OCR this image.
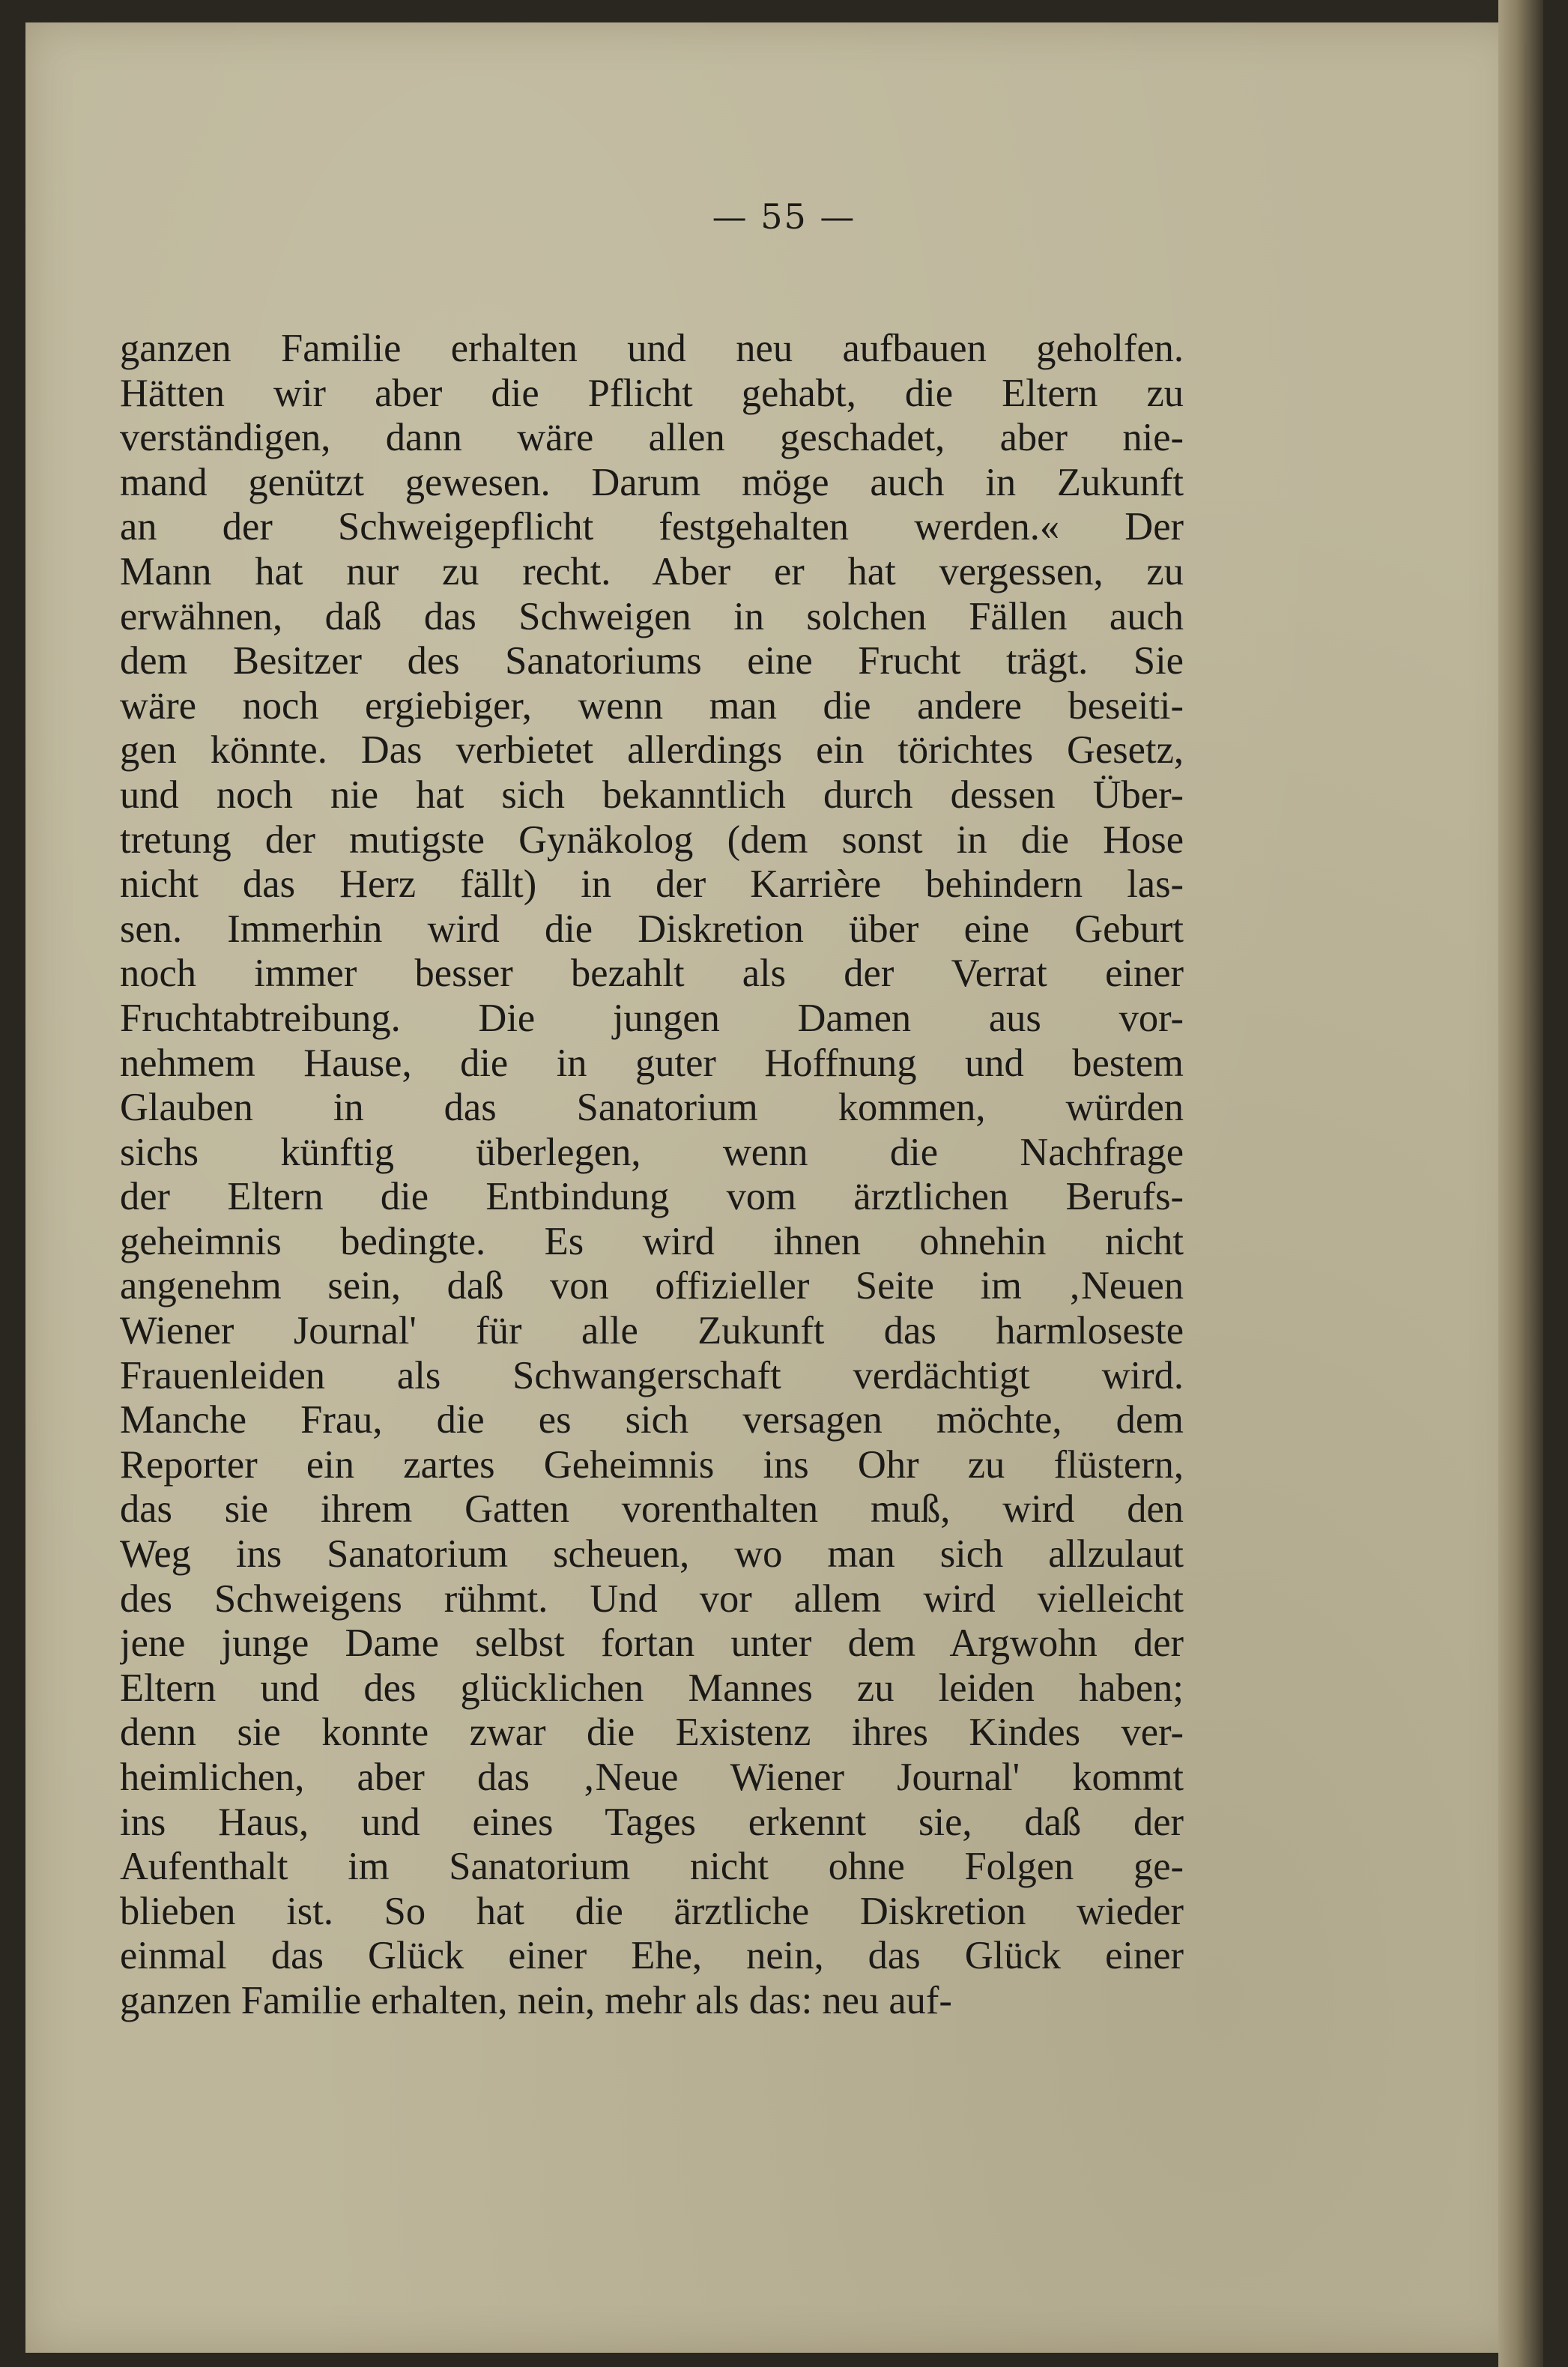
— 55 —
ganzen Familie erhalten und neu aufbauen geholfen.
Hätten wir aber die Pflicht gehabt, die Eltern zu
verständigen, dann wäre allen geschadet, aber nie-
mand genützt gewesen. Darum möge auch in Zukunft
an der Schweigepflicht festgehalten werden.« Der
Mann hat nur zu recht. Aber er hat vergessen, zu
erwähnen, daß das Schweigen in solchen Fällen auch
dem Besitzer des Sanatoriums eine Frucht trägt. Sie
wäre noch ergiebiger, wenn man die andere beseiti-
gen könnte. Das verbietet allerdings ein törichtes Gesetz,
und noch nie hat sich bekanntlich durch dessen Über-
tretung der mutigste Gynäkolog (dem sonst in die Hose
nicht das Herz fällt) in der Karrière behindern las-
sen. Immerhin wird die Diskretion über eine Geburt
noch immer besser bezahlt als der Verrat einer
Fruchtabtreibung. Die jungen Damen aus vor-
nehmem Hause, die in guter Hoffnung und bestem
Glauben in das Sanatorium kommen, würden
sichs künftig überlegen, wenn die Nachfrage
der Eltern die Entbindung vom ärztlichen Berufs-
geheimnis bedingte. Es wird ihnen ohnehin nicht
angenehm sein, daß von offizieller Seite im ‚Neuen
Wiener Journal' für alle Zukunft das harmloseste
Frauenleiden als Schwangerschaft verdächtigt wird.
Manche Frau, die es sich versagen möchte, dem
Reporter ein zartes Geheimnis ins Ohr zu flüstern,
das sie ihrem Gatten vorenthalten muß, wird den
Weg ins Sanatorium scheuen, wo man sich allzulaut
des Schweigens rühmt. Und vor allem wird vielleicht
jene junge Dame selbst fortan unter dem Argwohn der
Eltern und des glücklichen Mannes zu leiden haben;
denn sie konnte zwar die Existenz ihres Kindes ver-
heimlichen, aber das ‚Neue Wiener Journal' kommt
ins Haus, und eines Tages erkennt sie, daß der
Aufenthalt im Sanatorium nicht ohne Folgen ge-
blieben ist. So hat die ärztliche Diskretion wieder
einmal das Glück einer Ehe, nein, das Glück einer
ganzen Familie erhalten, nein, mehr als das: neu auf-
